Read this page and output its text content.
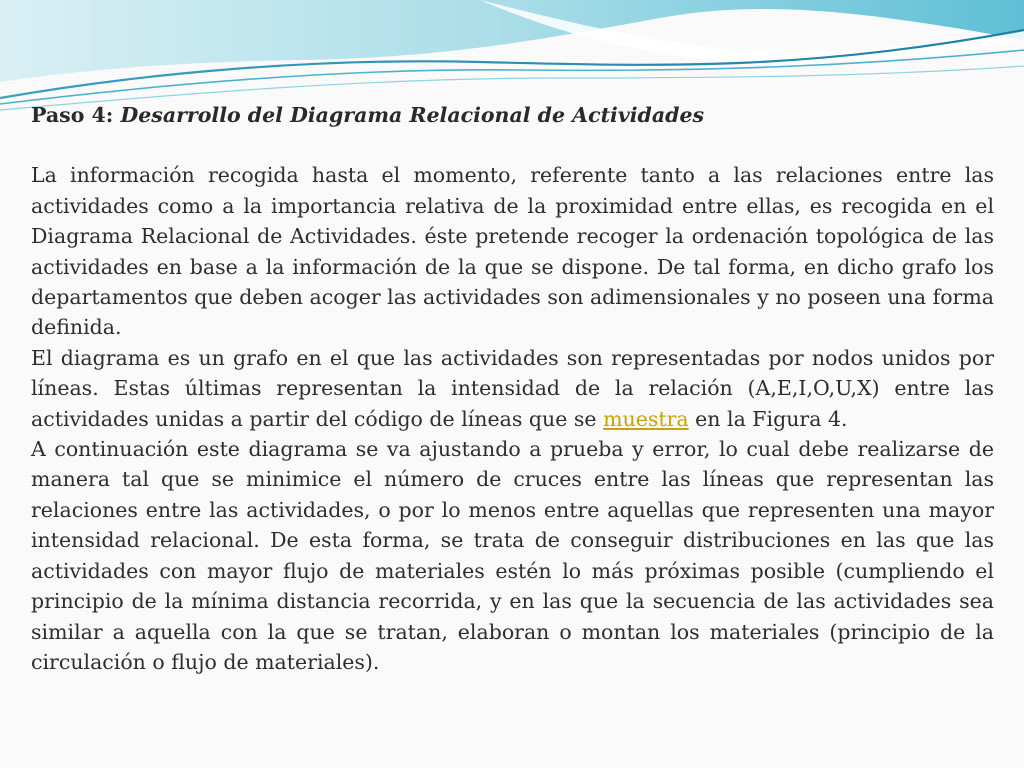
Paso 4: Desarrollo del Diagrama Relacional de Actividades

La información recogida hasta el momento, referente tanto a las relaciones entre las actividades como a la importancia relativa de la proximidad entre ellas, es recogida en el Diagrama Relacional de Actividades. éste pretende recoger la ordenación topológica de las actividades en base a la información de la que se dispone. De tal forma, en dicho grafo los departamentos que deben acoger las actividades son adimensionales y no poseen una forma definida.

El diagrama es un grafo en el que las actividades son representadas por nodos unidos por líneas. Estas últimas representan la intensidad de la relación (A,E,I,O,U,X) entre las actividades unidas a partir del código de líneas que se muestra en la Figura 4.

A continuación este diagrama se va ajustando a prueba y error, lo cual debe realizarse de manera tal que se minimice el número de cruces entre las líneas que representan las relaciones entre las actividades, o por lo menos entre aquellas que representen una mayor intensidad relacional. De esta forma, se trata de conseguir distribuciones en las que las actividades con mayor flujo de materiales estén lo más próximas posible (cumpliendo el principio de la mínima distancia recorrida, y en las que la secuencia de las actividades sea similar a aquella con la que se tratan, elaboran o montan los materiales (principio de la circulación o flujo de materiales).
